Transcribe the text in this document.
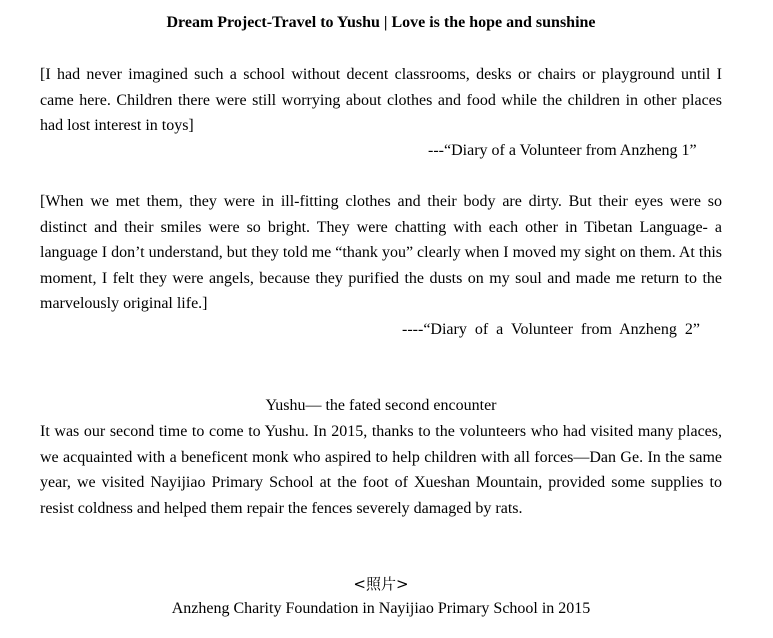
Dream Project-Travel to Yushu | Love is the hope and sunshine
[I had never imagined such a school without decent classrooms, desks or chairs or playground until I came here. Children there were still worrying about clothes and food while the children in other places had lost interest in toys]
---“Diary of a Volunteer from Anzheng 1”
[When we met them, they were in ill-fitting clothes and their body are dirty. But their eyes were so distinct and their smiles were so bright. They were chatting with each other in Tibetan Language- a language I don’t understand, but they told me “thank you” clearly when I moved my sight on them. At this moment, I felt they were angels, because they purified the dusts on my soul and made me return to the marvelously original life.]
----“Diary of a Volunteer from Anzheng 2”
Yushu— the fated second encounter
It was our second time to come to Yushu. In 2015, thanks to the volunteers who had visited many places, we acquainted with a beneficent monk who aspired to help children with all forces—Dan Ge. In the same year, we visited Nayijiao Primary School at the foot of Xueshan Mountain, provided some supplies to resist coldness and helped them repair the fences severely damaged by rats.
<照片>
Anzheng Charity Foundation in Nayijiao Primary School in 2015
